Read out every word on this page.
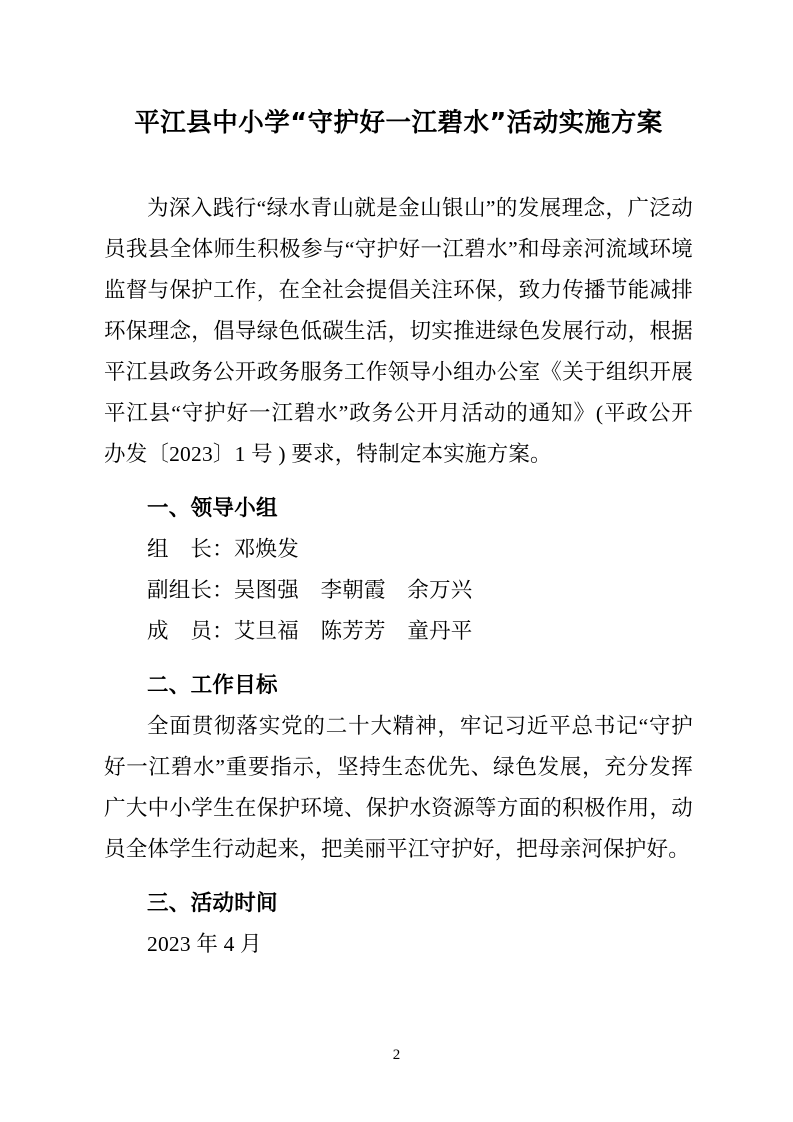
平江县中小学“守护好一江碧水”活动实施方案

为深入践行“绿水青山就是金山银山”的发展理念，广泛动员我县全体师生积极参与“守护好一江碧水”和母亲河流域环境监督与保护工作，在全社会提倡关注环保，致力传播节能减排环保理念，倡导绿色低碳生活，切实推进绿色发展行动，根据平江县政务公开政务服务工作领导小组办公室《关于组织开展平江县“守护好一江碧水”政务公开月活动的通知》(平政公开办发〔2023〕1 号 ) 要求，特制定本实施方案。

一、领导小组

组　长：邓焕发

副组长：吴图强　李朝霞　余万兴

成　员：艾旦福　陈芳芳　童丹平

二、工作目标

全面贯彻落实党的二十大精神，牢记习近平总书记“守护好一江碧水”重要指示，坚持生态优先、绿色发展，充分发挥广大中小学生在保护环境、保护水资源等方面的积极作用，动员全体学生行动起来，把美丽平江守护好，把母亲河保护好。

三、活动时间

2023 年 4 月

2
